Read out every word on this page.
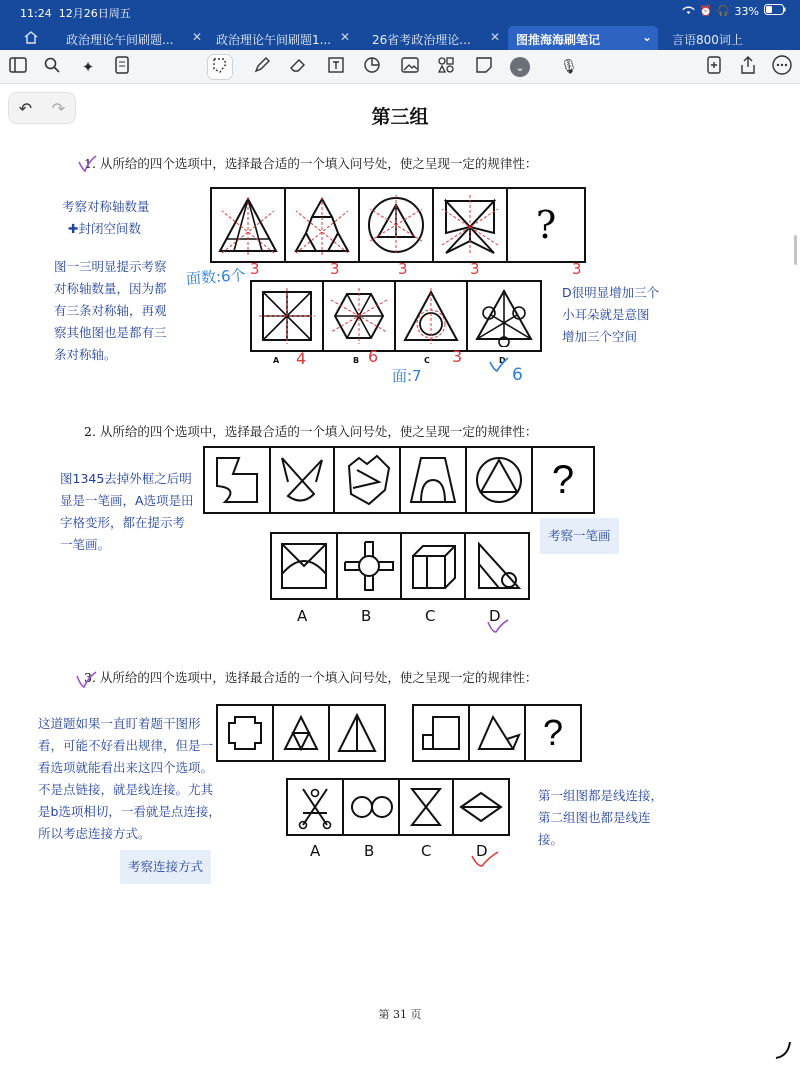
11:24 12月26日周五	⏰ 🎧 33%
政治理论午间刷题... ✕	政治理论午间刷题1... ✕	26省考政治理论... ✕	图推海海刷笔记	⌄	言语800词上
✦	⌄	🎙
第三组
1. 从所给的四个选项中，选择最合适的一个填入问号处，使之呈现一定的规律性：
考察对称轴数量
✚封闭空间数
图一三明显提示考察对称轴数量，因为都有三条对称轴，再观察其他图也是都有三条对称轴。
D很明显增加三个小耳朵就是意图增加三个空间
面数:6个
面:7
?
3	3	3	3	3
A	B	C	D
4	6	3
6
2. 从所给的四个选项中，选择最合适的一个填入问号处，使之呈现一定的规律性：
图1345去掉外框之后明显是一笔画，A选项是田字格变形，都在提示考一笔画。
考察一笔画
?
A	B	C	D
3. 从所给的四个选项中，选择最合适的一个填入问号处，使之呈现一定的规律性：
这道题如果一直盯着题干图形看，可能不好看出规律，但是一看选项就能看出来这四个选项。不是点链接，就是线连接。尤其是b选项相切，一看就是点连接，所以考虑连接方式。
考察连接方式
第一组图都是线连接，第二组图也都是线连接。
?
A	B	C	D
第 31 页
↶ ↷
